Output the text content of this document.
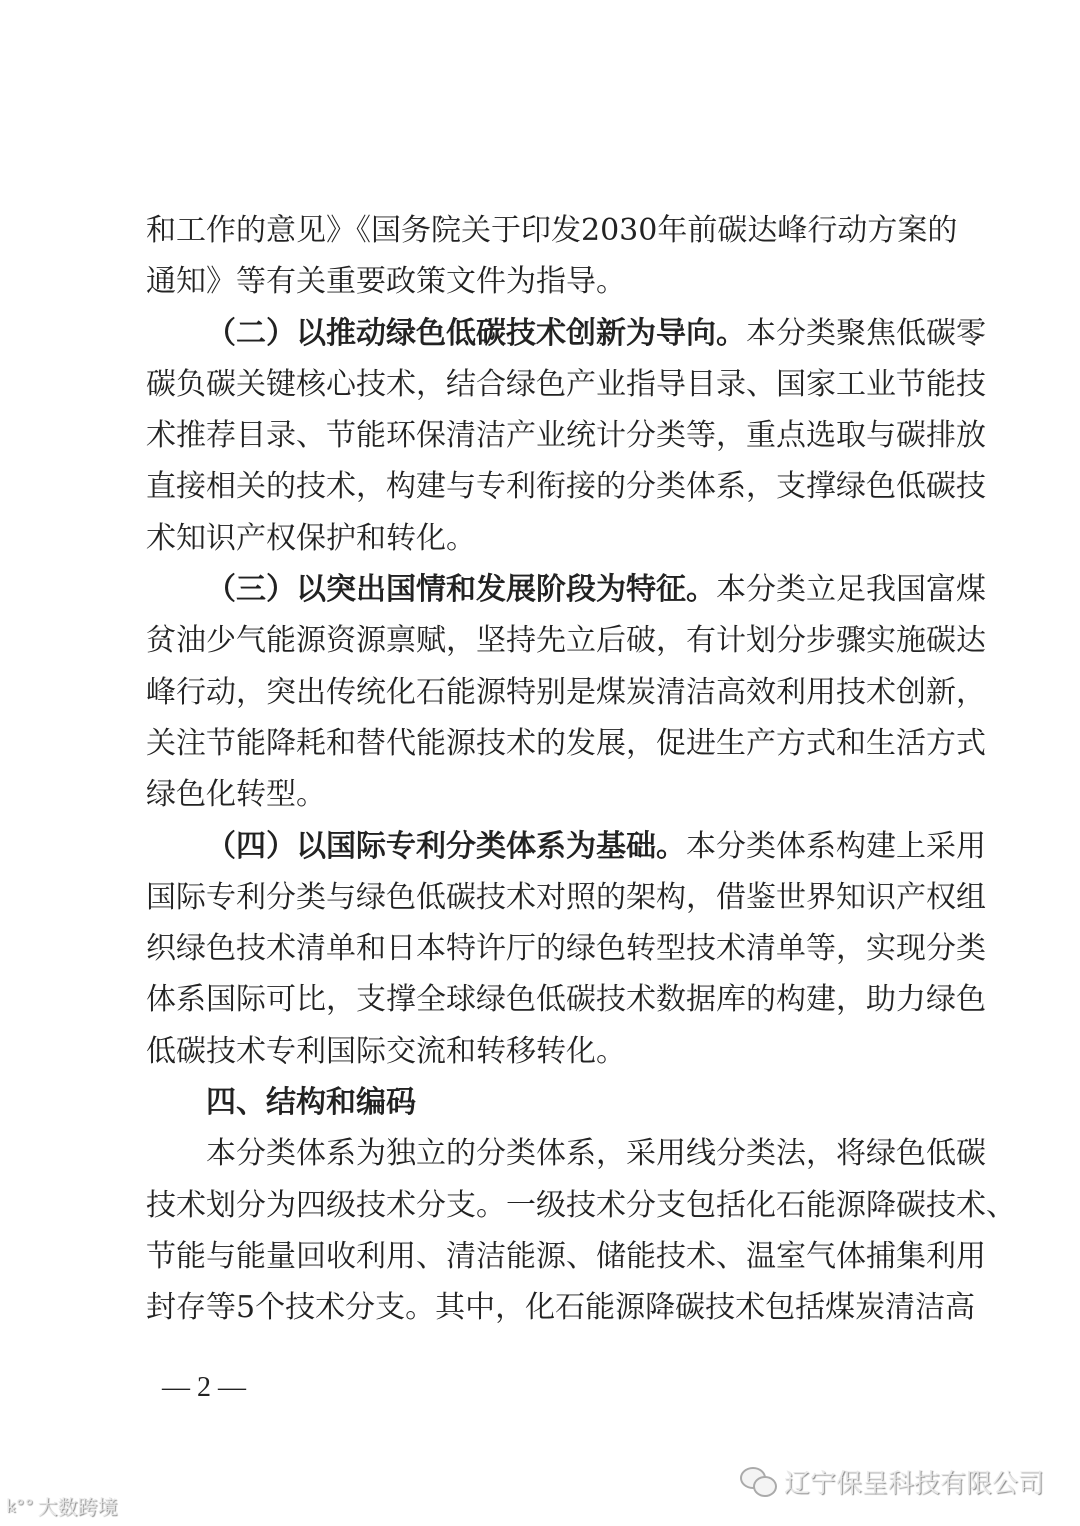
和工作的意见》《国务院关于印发2030年前碳达峰行动方案的
通知》等有关重要政策文件为指导。
（二）以推动绿色低碳技术创新为导向。本分类聚焦低碳零
碳负碳关键核心技术，结合绿色产业指导目录、国家工业节能技
术推荐目录、节能环保清洁产业统计分类等，重点选取与碳排放
直接相关的技术，构建与专利衔接的分类体系，支撑绿色低碳技
术知识产权保护和转化。
（三）以突出国情和发展阶段为特征。本分类立足我国富煤
贫油少气能源资源禀赋，坚持先立后破，有计划分步骤实施碳达
峰行动，突出传统化石能源特别是煤炭清洁高效利用技术创新，
关注节能降耗和替代能源技术的发展，促进生产方式和生活方式
绿色化转型。
（四）以国际专利分类体系为基础。本分类体系构建上采用
国际专利分类与绿色低碳技术对照的架构，借鉴世界知识产权组
织绿色技术清单和日本特许厅的绿色转型技术清单等，实现分类
体系国际可比，支撑全球绿色低碳技术数据库的构建，助力绿色
低碳技术专利国际交流和转移转化。
四、结构和编码
本分类体系为独立的分类体系，采用线分类法，将绿色低碳
技术划分为四级技术分支。一级技术分支包括化石能源降碳技术、
节能与能量回收利用、清洁能源、储能技术、温室气体捕集利用
封存等5个技术分支。其中，化石能源降碳技术包括煤炭清洁高
— 2 —
辽宁保呈科技有限公司
ꝃ°° 大数跨境
